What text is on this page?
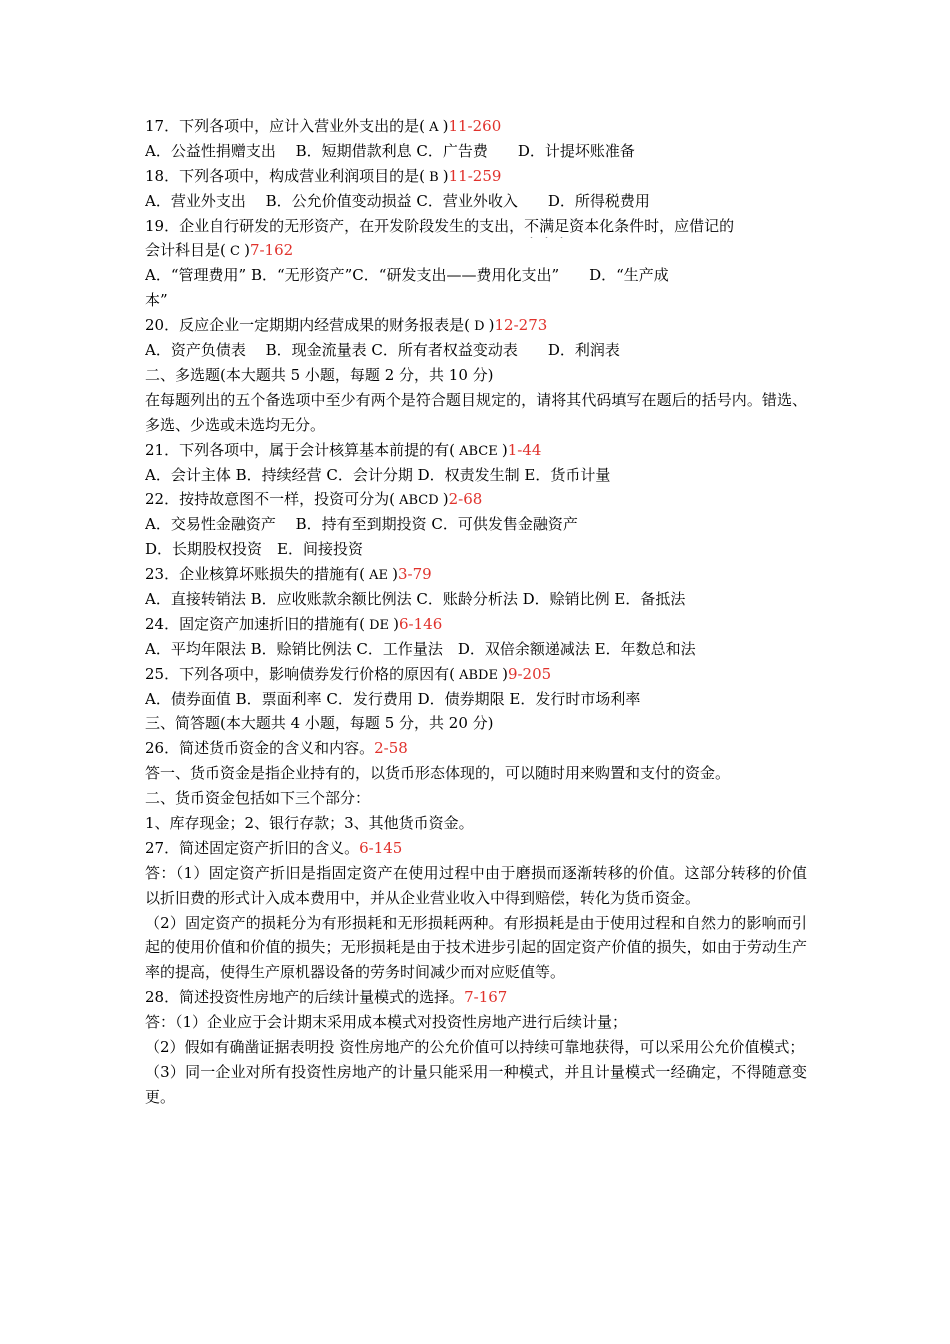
17．下列各项中，应计入营业外支出的是( A )11-260
A．公益性捐赠支出　 B．短期借款利息 C．广告费　　D．计提坏账准备
18．下列各项中，构成营业利润项目的是( B )11-259
A．营业外支出　 B．公允价值变动损益 C．营业外收入　　D．所得税费用
19．企业自行研发的无形资产，在开发阶段发生的支出，不满足资本化条件时，应借记的
会计科目是( C )7-162
A．“管理费用” B．“无形资产”C．“研发支出——费用化支出”　　D．“生产成
本”
20．反应企业一定期期内经营成果的财务报表是( D )12-273
A．资产负债表　 B．现金流量表 C．所有者权益变动表　　D．利润表
二、多选题(本大题共 5 小题，每题 2 分，共 10 分)
在每题列出的五个备选项中至少有两个是符合题目规定的，请将其代码填写在题后的括号内。错选、多选、少选或未选均无分。
21．下列各项中，属于会计核算基本前提的有( ABCE )1-44
A．会计主体 B．持续经营 C．会计分期 D．权责发生制 E．货币计量
22．按持故意图不一样，投资可分为( ABCD )2-68
A．交易性金融资产　 B．持有至到期投资 C．可供发售金融资产
D．长期股权投资　E．间接投资
23．企业核算坏账损失的措施有( AE )3-79
A．直接转销法 B．应收账款余额比例法 C．账龄分析法 D．赊销比例 E．备抵法
24．固定资产加速折旧的措施有( DE )6-146
A．平均年限法 B．赊销比例法 C．工作量法　D．双倍余额递减法 E．年数总和法
25．下列各项中，影响债券发行价格的原因有( ABDE )9-205
A．债券面值 B．票面利率 C．发行费用 D．债券期限 E．发行时市场利率
三、简答题(本大题共 4 小题，每题 5 分，共 20 分)
26．简述货币资金的含义和内容。2-58
答一、货币资金是指企业持有的，以货币形态体现的，可以随时用来购置和支付的资金。
二、货币资金包括如下三个部分：
1、库存现金；2、银行存款；3、其他货币资金。
27．简述固定资产折旧的含义。6-145
答：（1）固定资产折旧是指固定资产在使用过程中由于磨损而逐渐转移的价值。这部分转移的价值以折旧费的形式计入成本费用中，并从企业营业收入中得到赔偿，转化为货币资金。
（2）固定资产的损耗分为有形损耗和无形损耗两种。有形损耗是由于使用过程和自然力的影响而引起的使用价值和价值的损失；无形损耗是由于技术进步引起的固定资产价值的损失，如由于劳动生产率的提高，使得生产原机器设备的劳务时间减少而对应贬值等。
28．简述投资性房地产的后续计量模式的选择。7-167
答：（1）企业应于会计期末采用成本模式对投资性房地产进行后续计量；
（2）假如有确凿证据表明投 资性房地产的公允价值可以持续可靠地获得，可以采用公允价值模式；
（3）同一企业对所有投资性房地产的计量只能采用一种模式，并且计量模式一经确定，不得随意变更。
